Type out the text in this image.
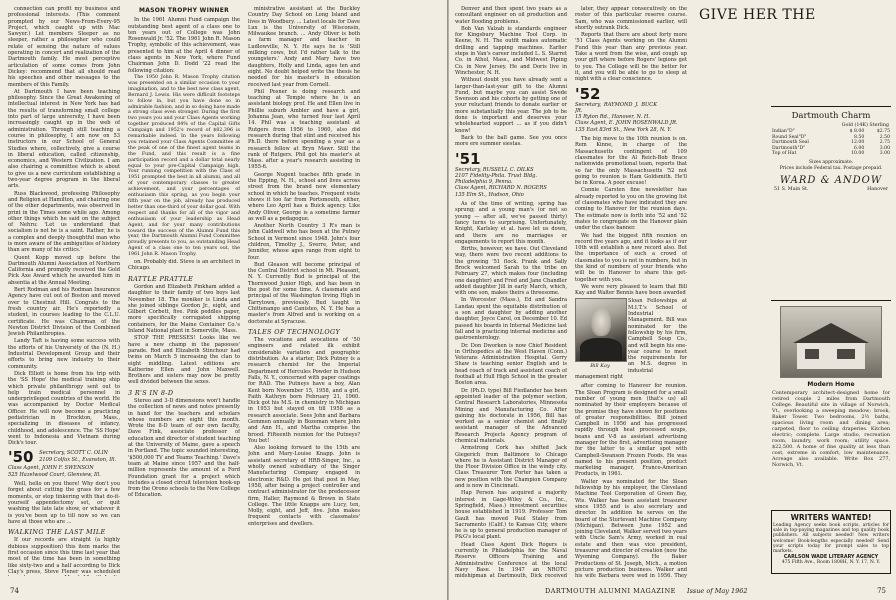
connection can profit my business and professional interests. (This comment prompted by our News-From-Every-95 Project, which caught up with Mac Sawyer.) Let members Sleeper as no sleeper, rather a philosopher who could relate of sensing the nature of values operating in concert and realization of the Dartmouth family. He most perceptive articulation of some comes from John Dickey: recommend that all should read his speeches and other messages to the members of this Family.

At Dartmouth I have been teaching philosophy. Since the Great Awakening of intellectual interest in New York has had the results of transforming small college into part of large university, I have been increasingly caught up in the web of administration. Through still teaching a course in philosophy, I am now on 53 instructors in our School of General Studies where, collectively, give a course in liberal education, called citizenship, economics, and Western Civilization. I am also chairing a committee which is about to give us a new curriculum establishing a two-year degree program in the liberal arts.

Russ Blackwood, professing Philosophy and Religion at Hamilton, and chairing one of the other departments, was observed in print in the Times some while ago. Among other things which he said on the subject of Nehru: 'Let us understand that socialism is not he is a saint. Rather, he is a complex and deeply thoughtful man who is more aware of the ambiguities of history than are many of his critics.'

Quent Kopp moved up before the Dartmouth Alumni Association of Northern California and promptly received the Gold Pick Axe Award which he awarded him in absentia at the Annual Meeting.

Bert Rodman and his Rodman Insurance Agency have cut out of Boston and moved over to Chestnut Hill. Congrats to the fresh country air. He's reportedly a student, in courses leading to the C.L.U. certificate. He was Chairman of the Newton District Division of the Combined Jewish Philanthropies.

Landy Taft is having some success with the efforts of his University of the (N. H.) Industrial Development Group and their efforts to bring new industry to their community.

Dick Elliott is home from his trip with the 'SS Hope' the medical training ship which private philanthropy sent out to help train medical personnel in underprivileged countries of the world. He was accompanied by Doctor Medical Officer. He will now become a practicing pediatrician in Brockton, Mass., specializing in diseases of infancy, childhood, and adolescence. The 'SS Hope' went to Indonesia and Vietnam during Dick's tour.

'50 Secretary, SCOTT C. OLIN
2109 Colfax St., Evanston, Ill.
Class Agent, JOHN F. SWENSON
525 Hazelwood Court, Glenview, Ill.

Well, hello on you there! Why don't you forget about cutting the grass for a few moments, or stop tinkering with that do-it-yourself appendectomy set, or quit washing the late late show, or whatever it is you've been up to till now so we can have at those who are ...

WALKING THE LAST MILE

If our records are straight (a highly dubious supposition) this item marks the first occasion since this time last year that most of the time has been in something like sixty-two and a half according to Dick Clay's press, Steve Flener was scheduled

MASON TROPHY WINNER

In the 1961 Alumni Fund campaign the outstanding best agent of a class one to ten years out of College was John Rosenwald Jr. '52. The 1961 John R. Mason Trophy, symbolic of this achievement, was presented to him at the April 4 dinner of class agents in New York, where Fund Chairman John D. Dodd '22 read the following citation:

The 1950 John R. Mason Trophy citation was presented on a similar occasion to your imagination, and to the best new class agent, Bernard J. Lewis. His were difficult footsteps to follow in, but you have done so in admirable fashion, and in so doing have made a strong class even stronger. During the first two years you and your Class Agents working together produced 84% of the Capital Gifts Campaign and 1952's record of $82,396 is remarkable indeed. In the years following you retained your Class Agents Committee at the peak of one of the finest agent teams in the Fund, and this result is a fine participation record and a dollar total nearly equal to your pre-Capital Campaign high. Your running competition with the Class of 1951 prompted the best in all alumni, and all of your contemporary classes to greater achievement, and your percentages of enthusiasm this spring, as you begin your fifth year on the job, already has produced better than one-third of your dollar goal. With respect and thanks for all of the vigor and enthusiasm of your leadership as Head Agent, and for your many contributions toward the success of the Alumni Fund this year, the Dartmouth Alumni Fund Committee proudly presents to you, as outstanding Head Agent of a class one to ten years out, the 1961 John R. Mason Trophy.

on. Probably did. Steve is an architect in Chicago.

RATTLE PRATTLE

Gordon and Elizabeth Pinkham added a daughter to their family of two boys last November 18. The moniker is Linda and she joined siblings Gordon Jr., eight, and Gilbert Corbett, five. Pink peddles paper, more specifically corrugated shipping containers, for the Maine Container Co.'s Inland National plant in Somerville, Mass.

STOP THE PRESSES! Looks like we have a new champ in the papooses' parade. Rod and Elizabeth Stinchour had twins on March 5 increasing the clan to eight middling. Latest editions are Katherine Ellen and John Maxwell. Brothers and sisters may now be pretty well divided between the sexes.

3 R'S IN 8-D

Stereo and 3-D dimensions won't handle the collection of news and notes presently in hand for the teachers and scholars whose numbers are eight this month. Wrote the 8-D team of our own faculty, Dave Fink, associate professor of education and director of student teaching at the University of Maine, gave a speech in Portland. The topic sounded interesting, '$500,000 TV and Teams Teaching.' Dave's team at Maine since 1957 and the half-million represents the amount of a Ford Foundation grant for a project which includes a closed circuit television hook-up from the Orono schools to the New College of Education.

ministrative assistant at the Buckley Country Day School on Long Island and lives in Woodbury. ... Latest locale for Dave Lux is the University of Wisconsin, Milwaukee branch. ... Andy Oliver is both a farm manager and teacher in Ludlowville, N. Y. He says he is 'Still milking cows, but I'd rather talk to the youngsters.' Andy and Mary have two daughters, Holly and Linda, ages ten and eight. No doubt helped write the thesis he needed for his master's in education received last year from Cornell.

Phil Posner is doing research and teaching at Temple where he is an assistant biology prof. He and Ellen live in Phillie suburb Ambler and have a girl, Johanna Jean, who turned four last April 14. Phil was a teaching assistant at Rutgers from 1956 to 1960, also did research during that stint and received his Ph.D. there before spending a year as a research fellow at Bryn Mawr. Still the rank of Rutgers. Phil got his master's at Mass. after a year's research assisting in 1955-6.

George Nugent teaches fifth grade in the Epping, N. H., school and lives across street from the brand new elementary school in which he teaches. Frequent visits shows it too far from Portsmouth, either, where Leo April has a Buick agency. Like Andy Oliver, George is a sometime farmer as well as a pedagogue.

Another North Country 3 R's man is John Caldwell who has been at the Putney School in Vermont since 1948. John's four children, Timothy J., Sverre, Peter, and Jennifer, whose ages range from eight to four.

Bud Gleason will become principal of the Central District school in Mt. Pleasant, N. Y. Currently Bud is principal of the Thornwood Junior High, and has been in the post for some time. A classmate and principal of the Washington Irving High in Tarrytown, previously. Bud taught in Chittenango and Canisteo, N. Y. He has a master's from Alfred and is working on a doctorate at Syracuse.

TALES OF TECHNOLOGY

The vocations and avocations of '50 engineers and related ilk exhibit considerable variation and geographic distribution. As a starter, Dick Putney is a research chemist for the Imperial Department of Hercules Powder in Hudson Falls, N. Y., concerned with paper coatings for RAD. The Putneys have a boy, Alan Kent born November 15, 1958, and a girl, Faith Kathryn born February 21, 1960. Dick got his M.S. in chemistry in Michigan in 1953 but stayed on till 1958 as a research associate. Sees John and Barbara Gemmen annually in Bozeman where John and Ann H., and Martha comprise the brood. Fifteenth reunion for the Putneys? You bet!

Also looking forward to the 15th are John and Mary-Louise Knapp. John is assistant secretary of HRB-Singer, Inc., a wholly owned subsidiary of the Singer Manufacturing Company engaged in electronic R&D. He got that post in May, 1958, after being a project controller and contract administrator for the predecessor firm, Haller, Raymond & Brown in State College. The little Knapps are Lucy, ten, Molly, eight, and Jeff, five. John makes frequent contacts with classmates' enterprises and dwellers.

74

Denver and then spent two years as a consultant engineer on oil production and water flooding problems.

Bob Van Valzah is standards engineer for Kingsbury Machine Tool Corp. in Keene, N. H. The outfit makes automatic drilling and tapping machines. Earlier steps in Van's career included L. S. Starret Co. in Athol, Mass., and Midwest Piping Co. in New Jersey. He and Doris live in Winchester, N. H.

Without doubt you have already sent a larger-than-last-year gift to the Alumni Fund, but maybe you can assist Swede Swenson and his cohorts by getting one of your reluctant friends to donate earlier or more substantially this year. The job to be done is important and deserves your wholehearted support ... as if you didn't know!

Back to the ball game. See you once more ere summer siestas.

'51 Secretary, RUSSELL C. DILKS
2107 Fidelity-Phila. Trust Bldg. Philadelphia 9, Penna.
Class Agent, RICHARD N. ROGERS
135 Elm St., Hudson, Ohio

As of the time of writing, spring has sprung; and a young man's (or not so young — after all, we've passed thirty) fancy turns to surprising. Unfortunately, Knight, Karlsley et al. have let us down, and there are no marriages or engagements to report this month.

Births, however, we have. Out Cleveland way, there were two recent additions to the growing '51 flock. Frank and Sally Brock welcomed Sarah to the tribe on February 27, which makes four (including one daughter) and Fred and Jane Chandler added daughter Jill in early March, which, with one son, makes theirs a threesome.

In Worcester (Mass.), Ed and Sandra Landau spent the equitable distribution of a son and daughter by adding another daughter, Joyce Carol, on December 10. Ed passed his boards in Internal Medicine last fall and is practicing internal medicine and gastroenterology.

Dr. Don Dworken is now Chief Resident in Orthopedics at the West Haven (Conn.) Veterans Administration Hospital. Gerry Shaw is teaching senior English and is head coach of track and assistant coach of football at Hull High School in the greater Boston area.

Dr. (Ph.D. type) Bill Fiedlander has been appointed leader of the polymer section, Central Research Laboratories, Minnesota Mining and Manufacturing Co. After gaining his doctorate in 1956, Bill has worked as a senior chemist and finally assistant manager of the Advanced Research Projects Agency program of chemical materials.

Armstrong Cork has shifted Jack Giegerich from Baltimore to Chicago where he is Assistant District Manager of the Floor Division Office in the windy city. Class Treasurer Tom Porter has taken a new position with the Champion Company and is now in Cincinnati.

Hap Person has acquired a majority interest in Gage-Wiley & Co., Inc., Springfield, Mass.) investment securities house established in 1919. Professor Tom Gault has moved Paul Staley from Sacramento (Calif.) to Kansas City, where he is up to general production manager of P&G's local plant.

Head Class Agent Dick Rogers is currently in Philadelphia for the Naval Reserve Officers Training and Administrative Conference at the local Navy Base. In 1947 an NROTC midshipman at Dartmouth, Dick received

later, they appear consecutively on the roster of this particular reserve course. Sam, who was commissioned earlier, will shortly outrank Dick.

Reports that there are about forty more '51 Class Agents working on the Alumni Fund this year than any previous year. Take a word from the wise, and cough up your gift where before Rogers' legions get to you. The College will be the better for it, and you will be able to go to sleep at night with a clear conscience.

'52 Secretary, RAYMOND J. BUCK JR.
15 Ryton Rd., Hanover, N. H.
Class Agent, E. JOHN ROSENWALD JR.
135 East 83rd St., New York 28, N. Y.

The big move to the 10th reunion is on. Rem Kinne, in charge of the Massachusetts contingent of 109 classmates for the Al Reich-Bob Brace nationwide promotional team, reports that so far the only Massachusetts '52 not going to reunion is Ham Goldsmith. He'll be in Korea. A poor excuse!

Connie Carsten fine newsletter has already reported to you on the growing list of classmates who have indicated they are coming to Hanover for the reunion days. The estimate now is forth into '52 and '52 mates to congregate on the Hanover plain under the class banner.

We had the biggest fifth reunion on record five years ago, and it looks as if our 10th will establish a new record also. But the importance of such a crowd of classmates to you is not in numbers, but in the kind of numbers of your friends who will be in Hanover to share this get-together with you.

We were very pleased to learn that Bill Kay and Walter Bennis have been awarded

Bill Kay

Sloan Fellowships at M.I.T.'s School of Industrial Management. Bill was nominated for the fellowship by his firm, Campbell Soup Co., and will begin his one-year course to meet the requirements for an M.S. degree in industrial management right

after coming to Hanover for reunion. The Sloan Program is designed for a small number of young men (that's us) all nominated by their employers because of the promise they have shown for positions of greater responsibilities. Bill joined Campbell in 1956 and has progressed rapidly through heat processed soups, beans and V-8 as assistant advertising manager for the first, advertising manager for the latter to a similar spot with Campbell-Swanson Frozen Foods. He was named to his present position, product marketing manager, Franco-American Products, in 1961.

Walter was nominated for the Sloan fellowship by his employer, the Cleveland Machine Tool Corporation of Green Bay, Wis. Walker has been assistant treasurer since 1955 and is also secretary and director. In addition he serves on the board of the Sturtevant Machine Company (Michigan). Between June 1952 and joining Cleveland, Walker served two years with Uncle Sam's Army, worked in real estate and then was vice president, treasurer and director of creation (now the Wyoming Company). He Baker Productions of St. Joseph, Mich., a motion picture production business. Walker and his wife Barbara were wed in 1956. They

GIVE HER THE
Dartmouth Charm
Gold (14K) Sterling
Indian"D"	$ 8.00	$2.75
Round Seal"D"	8.50	2.50
Dartmouth Seal	12.00	2.75
Dartmouth"D"	6.00	3.00
Top of Hat	10.00	3.00
Sizes approximate.
Prices include Federal tax. Postage prepaid.
WARD & ANDOW
51 S. Main St.	Hanover
Modern Home
Contemporary architect-designed home for retired couple 2 miles from Dartmouth College. Beautiful site in village of Norwich, Vt., overlooking a sweeping meadow; brook, Baker Tower. Two bedrooms, 2½ baths, spacious living room and dining area; carpeted, floor to ceiling draperies. Kitchen electric; complete. Large studio, recreation room, laundry, work room; utility space. $22,500. A home of fine quality at less than cost, extreme in comfort, low maintenance. Acreage also available. Write Box 277, Norwich, Vt.
WRITERS WANTED!
Leading Agency seeks book scripts, articles for sale in top-paying magazines and top quality book publishers. All subjects needed! New writers welcome! Book-lengths especially needed! Send your scripts today for prompt sales to top markets.
CARLSON WADE LITERARY AGENCY
475 Fifth Ave., Room 1808H, N. Y. 17, N. Y.
DARTMOUTH ALUMNI MAGAZINE Issue of May 1962	75
